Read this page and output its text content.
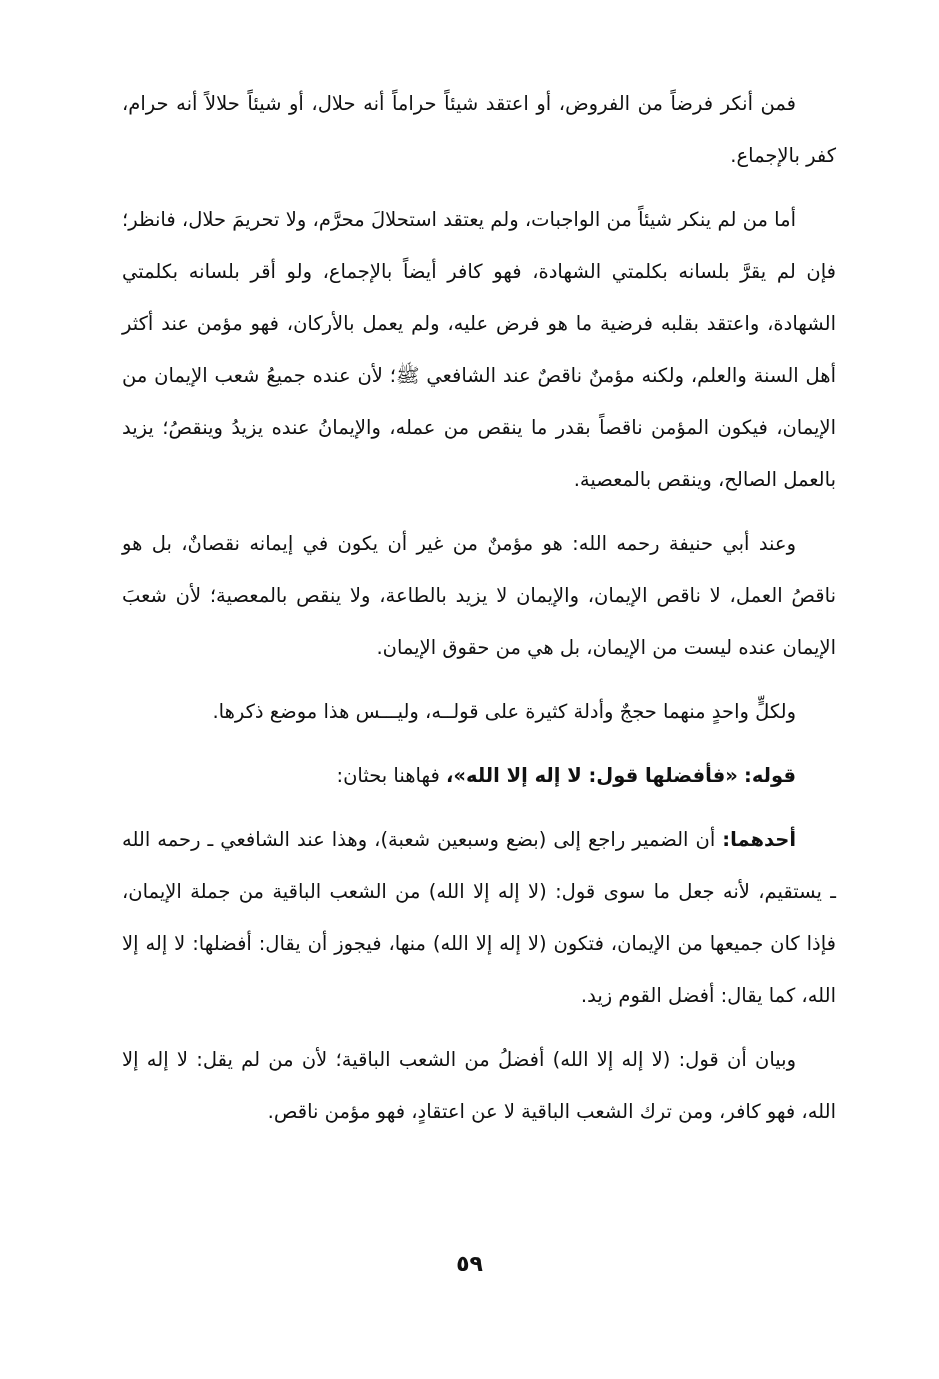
فمن أنكر فرضاً من الفروض، أو اعتقد شيئاً حراماً أنه حلال، أو شيئاً حلالاً أنه حرام، كفر بالإجماع.

أما من لم ينكر شيئاً من الواجبات، ولم يعتقد استحلالَ محرَّم، ولا تحريمَ حلال، فانظر؛ فإن لم يقرَّ بلسانه بكلمتي الشهادة، فهو كافر أيضاً بالإجماع، ولو أقر بلسانه بكلمتي الشهادة، واعتقد بقلبه فرضية ما هو فرض عليه، ولم يعمل بالأركان، فهو مؤمن عند أكثر أهل السنة والعلم، ولكنه مؤمنٌ ناقصٌ عند الشافعي ﷺ؛ لأن عنده جميعُ شعب الإيمان من الإيمان، فيكون المؤمن ناقصاً بقدر ما ينقص من عمله، والإيمانُ عنده يزيدُ وينقصُ؛ يزيد بالعمل الصالح، وينقص بالمعصية.

وعند أبي حنيفة رحمه الله: هو مؤمنٌ من غير أن يكون في إيمانه نقصانٌ، بل هو ناقصُ العمل، لا ناقص الإيمان، والإيمان لا يزيد بالطاعة، ولا ينقص بالمعصية؛ لأن شعبَ الإيمان عنده ليست من الإيمان، بل هي من حقوق الإيمان.

ولكلٍّ واحدٍ منهما حججٌ وأدلة كثيرة على قولــه، وليـــس هذا موضع ذكرها.

قوله: «فأفضلها قول: لا إله إلا الله»، فهاهنا بحثان:

أحدهما: أن الضمير راجع إلى (بضع وسبعين شعبة)، وهذا عند الشافعي ـ رحمه الله ـ يستقيم، لأنه جعل ما سوى قول: (لا إله إلا الله) من الشعب الباقية من جملة الإيمان، فإذا كان جميعها من الإيمان، فتكون (لا إله إلا الله) منها، فيجوز أن يقال: أفضلها: لا إله إلا الله، كما يقال: أفضل القوم زيد.

وبيان أن قول: (لا إله إلا الله) أفضلُ من الشعب الباقية؛ لأن من لم يقل: لا إله إلا الله، فهو كافر، ومن ترك الشعب الباقية لا عن اعتقادٍ، فهو مؤمن ناقص.

٥٩
